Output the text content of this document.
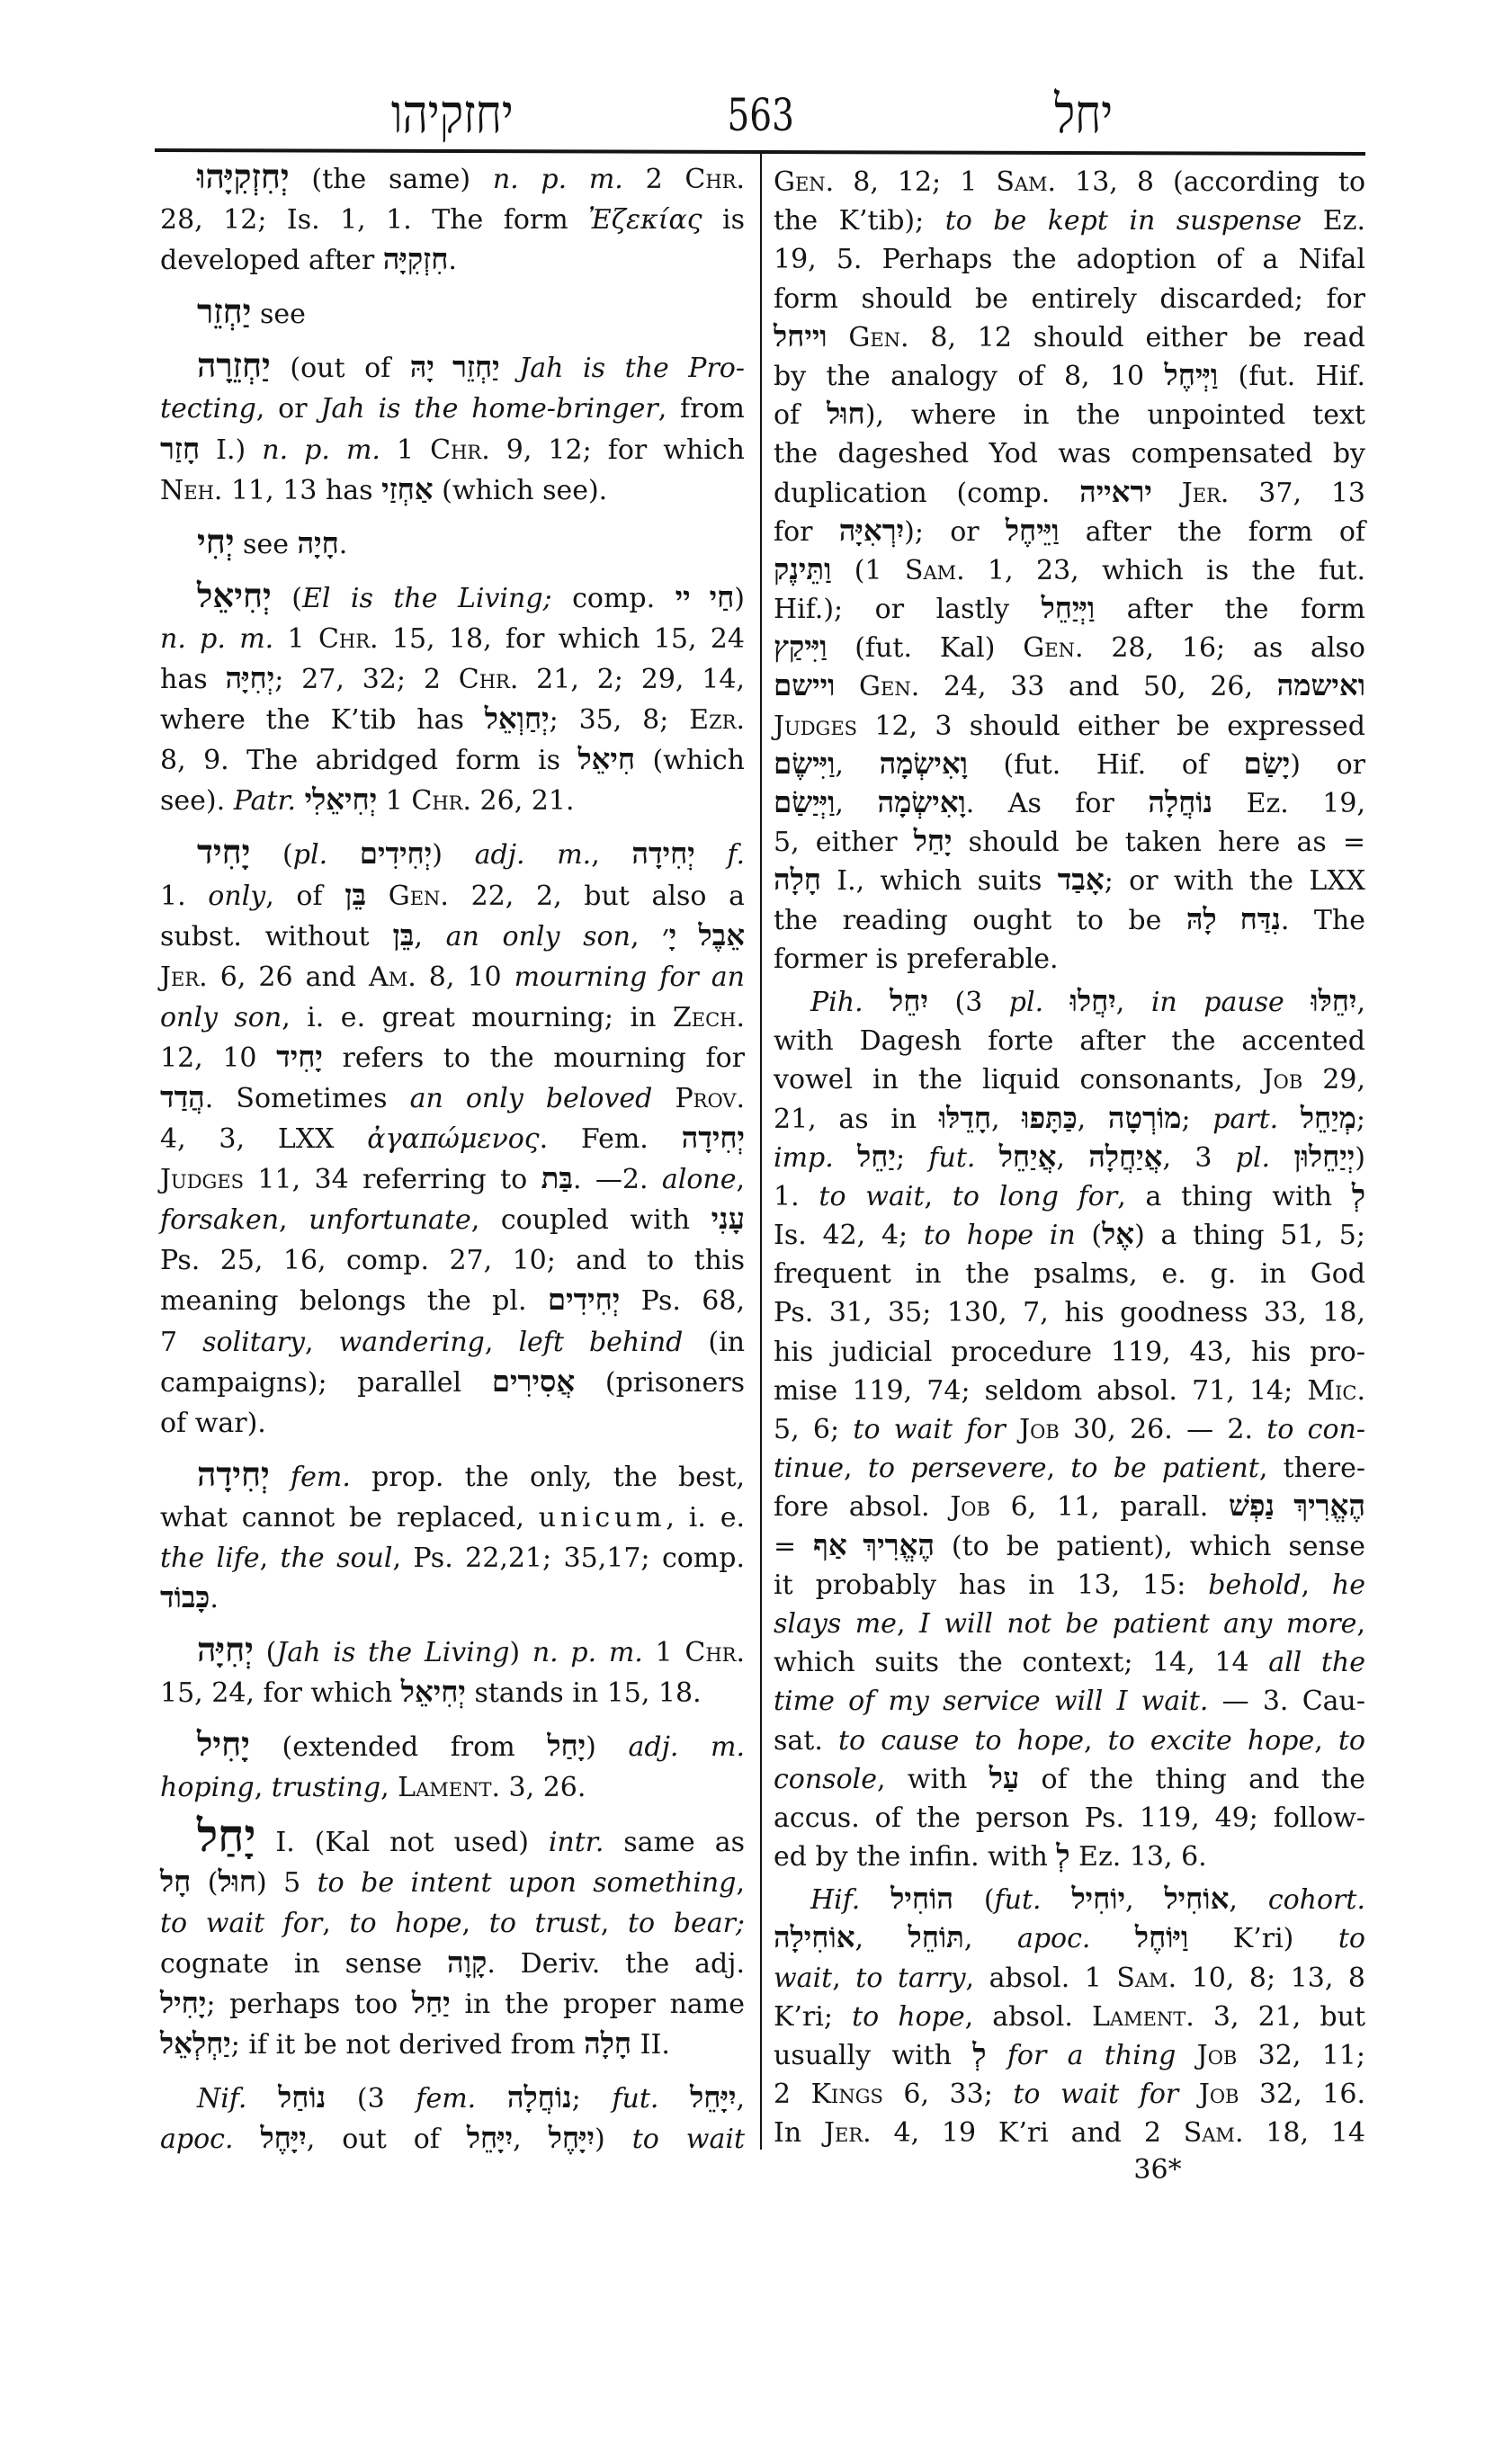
יחזקיהו	563	יחל
יְחִזְקִיָּהוּ (the same) n. p. m. 2 Chr.
28, 12; Is. 1, 1. The form Ἐζεκίας is
developed after חִזְקִיָּה.
יַחְזֵר see
יַחְזֵרָה (out of יַחְזֵר יָהּ Jah is the Pro-
tecting, or Jah is the home-bringer, from
חָזַר I.) n. p. m. 1 Chr. 9, 12; for which
Neh. 11, 13 has אַחְזַי (which see).
יְחִי see חָיָה.
יְחִיאֵל (El is the Living; comp. חַי יי)
n. p. m. 1 Chr. 15, 18, for which 15, 24
has יְחִיָּה; 27, 32; 2 Chr. 21, 2; 29, 14,
where the K’tib has יְחַוְאֵל; 35, 8; Ezr.
8, 9. The abridged form is חִיאֵל (which
see). Patr. יְחִיאֵלִי 1 Chr. 26, 21.
יָחִיד (pl. יְחִידִים) adj. m., יְחִידָה f.
1. only, of בֵּן Gen. 22, 2, but also a
subst. without בֵּן, an only son, אֵבֶל יָ׳
Jer. 6, 26 and Am. 8, 10 mourning for an
only son, i. e. great mourning; in Zech.
12, 10 יָחִיד refers to the mourning for
הֲדַד. Sometimes an only beloved Prov.
4, 3, LXX ἀγαπώμενος. Fem. יְחִידָה
Judges 11, 34 referring to בַּת. —2. alone,
forsaken, unfortunate, coupled with עָנִי
Ps. 25, 16, comp. 27, 10; and to this
meaning belongs the pl. יְחִידִים Ps. 68,
7 solitary, wandering, left behind (in
campaigns); parallel אֲסִירִים (prisoners
of war).
יְחִידָה fem. prop. the only, the best,
what cannot be replaced, unicum, i. e.
the life, the soul, Ps. 22,21; 35,17; comp.
כָּבוֹד.
יְחִיָּה (Jah is the Living) n. p. m. 1 Chr.
15, 24, for which יְחִיאֵל stands in 15, 18.
יָחִיל (extended from יָחַל) adj. m.
hoping, trusting, Lament. 3, 26.
יָחַל I. (Kal not used) intr. same as
חָל (חוּל) 5 to be intent upon something,
to wait for, to hope, to trust, to bear;
cognate in sense קָוָה. Deriv. the adj.
יָחִיל; perhaps too יַחַל in the proper name
יַחְלְאֵל; if it be not derived from חָלָה II.
Nif. נוֹחַל (3 fem. נוֹחֲלָה; fut. יִיָּחֵל,
apoc. יִיָּחֶל, out of יִיָּחֵל, יִיָּחֶל) to wait
Gen. 8, 12; 1 Sam. 13, 8 (according to
the K’tib); to be kept in suspense Ez.
19, 5. Perhaps the adoption of a Nifal
form should be entirely discarded; for
וייחל Gen. 8, 12 should either be read
by the analogy of 8, 10 וַיְּיחֶל (fut. Hif.
of חוּל), where in the unpointed text
the dageshed Yod was compensated by
duplication (comp. יראייה Jer. 37, 13
for יִרְאִיָּה); or וַיֵּיחֶל after the form of
וַתֵּינֶק (1 Sam. 1, 23, which is the fut.
Hif.); or lastly וַיְּיַחֵל after the form
וַיִּיקַץ (fut. Kal) Gen. 28, 16; as also
ויישם Gen. 24, 33 and 50, 26, ואישמה
Judges 12, 3 should either be expressed
וַיִּישֶׂם, וָאִישְׂמָה (fut. Hif. of יָשַׂם) or
וַיְּיַשַׂם, וָאִישְׂמָה. As for נוֹחֲלָה Ez. 19,
5, either יָחַל should be taken here as =
חָלָה I., which suits אָבַד; or with the LXX
the reading ought to be נִדַּח לָהּ. The
former is preferable.
Pih. יִחֵל (3 pl. יִחֲלוּ, in pause יִחֵלּוּ,
with Dagesh forte after the accented
vowel in the liquid consonants, Job 29,
21, as in חָדֵלּוּ, כַּתָּפוּ, מוֹרְטָה; part. מְיַחֵל;
imp. יַחֵל; fut. אֲיַחֵל, אֲיַחֲלָה, 3 pl. יְיַחֵלוּן)
1. to wait, to long for, a thing with לְ
Is. 42, 4; to hope in (אֶל) a thing 51, 5;
frequent in the psalms, e. g. in God
Ps. 31, 35; 130, 7, his goodness 33, 18,
his judicial procedure 119, 43, his pro-
mise 119, 74; seldom absol. 71, 14; Mic.
5, 6; to wait for Job 30, 26. — 2. to con-
tinue, to persevere, to be patient, there-
fore absol. Job 6, 11, parall. הֶאֱרִיךְ נַפְשׁ
= הֶאֱרִיךְ אַף (to be patient), which sense
it probably has in 13, 15: behold, he
slays me, I will not be patient any more,
which suits the context; 14, 14 all the
time of my service will I wait. — 3. Cau-
sat. to cause to hope, to excite hope, to
console, with עַל of the thing and the
accus. of the person Ps. 119, 49; follow-
ed by the infin. with לְ Ez. 13, 6.
Hif. הוֹחִיל (fut. יוֹחִיל, אוֹחִיל, cohort.
אוֹחִילָה, תּוֹחֵל, apoc. וַיּוֹחֶל K’ri) to
wait, to tarry, absol. 1 Sam. 10, 8; 13, 8
K’ri; to hope, absol. Lament. 3, 21, but
usually with לְ for a thing Job 32, 11;
2 Kings 6, 33; to wait for Job 32, 16.
In Jer. 4, 19 K’ri and 2 Sam. 18, 14
36*
